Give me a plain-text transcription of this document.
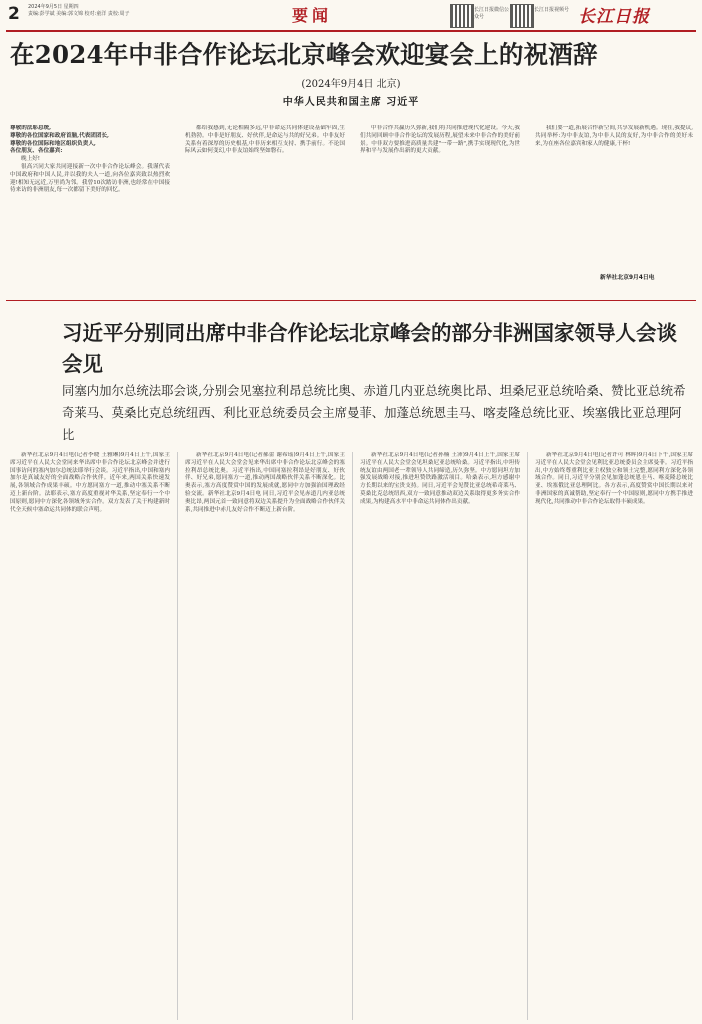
2 2024年9月5日 星期四
责编:彭学斌 美编:郭文锦 校对:童洋 责校:周子	要闻	长江日报微信公众号
长江日报视频号 长江日报
在2024年中非合作论坛北京峰会欢迎宴会上的祝酒辞
(2024年9月4日 北京)
中华人民共和国主席 习近平

尊敬的法耶总统,

尊敬的各位国家和政府首脑,代表团团长,

尊敬的各位国际和地区组织负责人,

各位朋友、各位嘉宾:

晚上好!

很高兴同大家共同迎接新一次中非合作论坛峰会。我谨代表中国政府和中国人民,并以我的夫人一道,向各位嘉宾致以热烈欢迎!相知无远近,万里尚为邻。我曾10次踏访非洲,也经常在中国接待来访的非洲朋友,每一次都留下美好的回忆。

都给我感到,无论相隔多远,中非命运共同体建设基础牢固,生机勃勃。中非是好朋友、好伙伴,是命运与共的好兄弟。中非友好关系有着深厚的历史根基,中非历来相互支持、携手前行。不论国际风云如何变幻,中非友谊始终坚如磐石。

中非合作共赢历久弥新,我们将共同推进现代化建设。今天,我们共同回顾中非合作论坛的发展历程,展望未来中非合作的美好前景。中非双方要推进高质量共建"一带一路",携手实现现代化,为世界和平与发展作出新的更大贡献。

我们要一道,拓展合作新空间,共享发展新机遇。现在,我提议,共同举杯:为中非友谊,为中非人民的友好,为中非合作的美好未来,为在座各位嘉宾和家人的健康,干杯!

新华社北京9月4日电
习近平分别同出席中非合作论坛北京峰会的部分非洲国家领导人会谈会见
同塞内加尔总统法耶会谈,分别会见塞拉利昂总统比奥、赤道几内亚总统奥比昂、坦桑尼亚总统哈桑、赞比亚总统希奇莱马、莫桑比克总统纽西、利比亚总统委员会主席曼菲、加蓬总统恩圭马、喀麦隆总统比亚、埃塞俄比亚总理阿比

新华社北京9月4日电(记者李晓 王雅琳)9月4日上午,国家主席习近平在人民大会堂同来华出席中非合作论坛北京峰会并进行国事访问的塞内加尔总统法耶举行会谈。习近平指出,中国和塞内加尔是真诚友好的全面战略合作伙伴。近年来,两国关系快速发展,各领域合作成果丰硕。中方愿同塞方一道,推动中塞关系不断迈上新台阶。法耶表示,塞方高度重视对华关系,坚定奉行一个中国原则,愿同中方深化各领域务实合作。双方发表了关于构建新时代全天候中塞命运共同体的联合声明。

新华社北京9月4日电(记者郝蕾 谢希瑶)9月4日上午,国家主席习近平在人民大会堂会见来华出席中非合作论坛北京峰会的塞拉利昂总统比奥。习近平指出,中国同塞拉利昂是好朋友、好伙伴、好兄弟,愿同塞方一道,推动两国战略伙伴关系不断深化。比奥表示,塞方高度赞赏中国的发展成就,愿同中方加强治国理政经验交流。新华社北京9月4日电 同日,习近平会见赤道几内亚总统奥比昂,两国元首一致同意将双边关系提升为全面战略合作伙伴关系,共同推进中赤几友好合作不断迈上新台阶。

新华社北京9月4日电(记者孙楠 王沛)9月4日上午,国家主席习近平在人民大会堂会见坦桑尼亚总统哈桑。习近平指出,中坦传统友谊由两国老一辈领导人共同缔造,历久弥坚。中方愿同坦方加强发展战略对接,推进坦赞铁路激活项目。哈桑表示,坦方感谢中方长期以来的宝贵支持。同日,习近平会见赞比亚总统希奇莱马、莫桑比克总统纽西,双方一致同意推动双边关系取得更多务实合作成果,为构建高水平中非命运共同体作出贡献。

新华社北京9月4日电(记者许可 林晖)9月4日下午,国家主席习近平在人民大会堂会见利比亚总统委员会主席曼菲。习近平指出,中方始终尊重利比亚主权独立和领土完整,愿同利方深化各领域合作。同日,习近平分别会见加蓬总统恩圭马、喀麦隆总统比亚、埃塞俄比亚总理阿比。各方表示,高度赞赏中国长期以来对非洲国家的真诚帮助,坚定奉行一个中国原则,愿同中方携手推进现代化,共同推动中非合作论坛取得丰硕成果。
